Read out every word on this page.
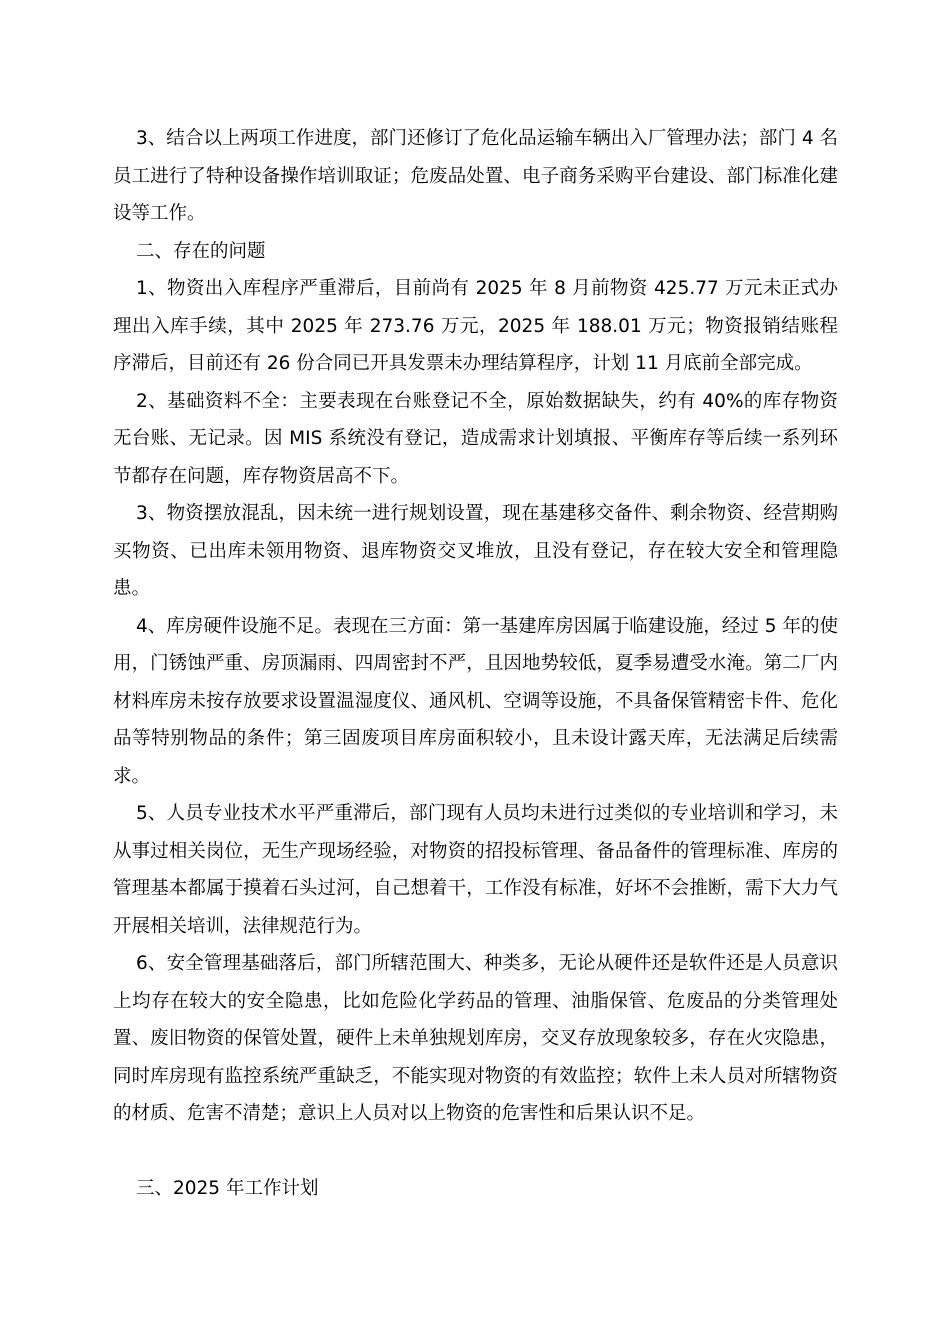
3、结合以上两项工作进度，部门还修订了危化品运输车辆出入厂管理办法；部门 4 名员工进行了特种设备操作培训取证；危废品处置、电子商务采购平台建设、部门标准化建设等工作。

二、存在的问题

1、物资出入库程序严重滞后，目前尚有 2025 年 8 月前物资 425.77 万元未正式办理出入库手续，其中 2025 年 273.76 万元，2025 年 188.01 万元；物资报销结账程序滞后，目前还有 26 份合同已开具发票未办理结算程序，计划 11 月底前全部完成。

2、基础资料不全：主要表现在台账登记不全，原始数据缺失，约有 40%的库存物资无台账、无记录。因 MIS 系统没有登记，造成需求计划填报、平衡库存等后续一系列环节都存在问题，库存物资居高不下。

3、物资摆放混乱，因未统一进行规划设置，现在基建移交备件、剩余物资、经营期购买物资、已出库未领用物资、退库物资交叉堆放，且没有登记，存在较大安全和管理隐患。

4、库房硬件设施不足。表现在三方面：第一基建库房因属于临建设施，经过 5 年的使用，门锈蚀严重、房顶漏雨、四周密封不严，且因地势较低，夏季易遭受水淹。第二厂内材料库房未按存放要求设置温湿度仪、通风机、空调等设施，不具备保管精密卡件、危化品等特别物品的条件；第三固废项目库房面积较小，且未设计露天库，无法满足后续需求。

5、人员专业技术水平严重滞后，部门现有人员均未进行过类似的专业培训和学习，未从事过相关岗位，无生产现场经验，对物资的招投标管理、备品备件的管理标准、库房的管理基本都属于摸着石头过河，自己想着干，工作没有标准，好坏不会推断，需下大力气开展相关培训，法律规范行为。

6、安全管理基础落后，部门所辖范围大、种类多，无论从硬件还是软件还是人员意识上均存在较大的安全隐患，比如危险化学药品的管理、油脂保管、危废品的分类管理处置、废旧物资的保管处置，硬件上未单独规划库房，交叉存放现象较多，存在火灾隐患，同时库房现有监控系统严重缺乏，不能实现对物资的有效监控；软件上未人员对所辖物资的材质、危害不清楚；意识上人员对以上物资的危害性和后果认识不足。

三、2025 年工作计划
